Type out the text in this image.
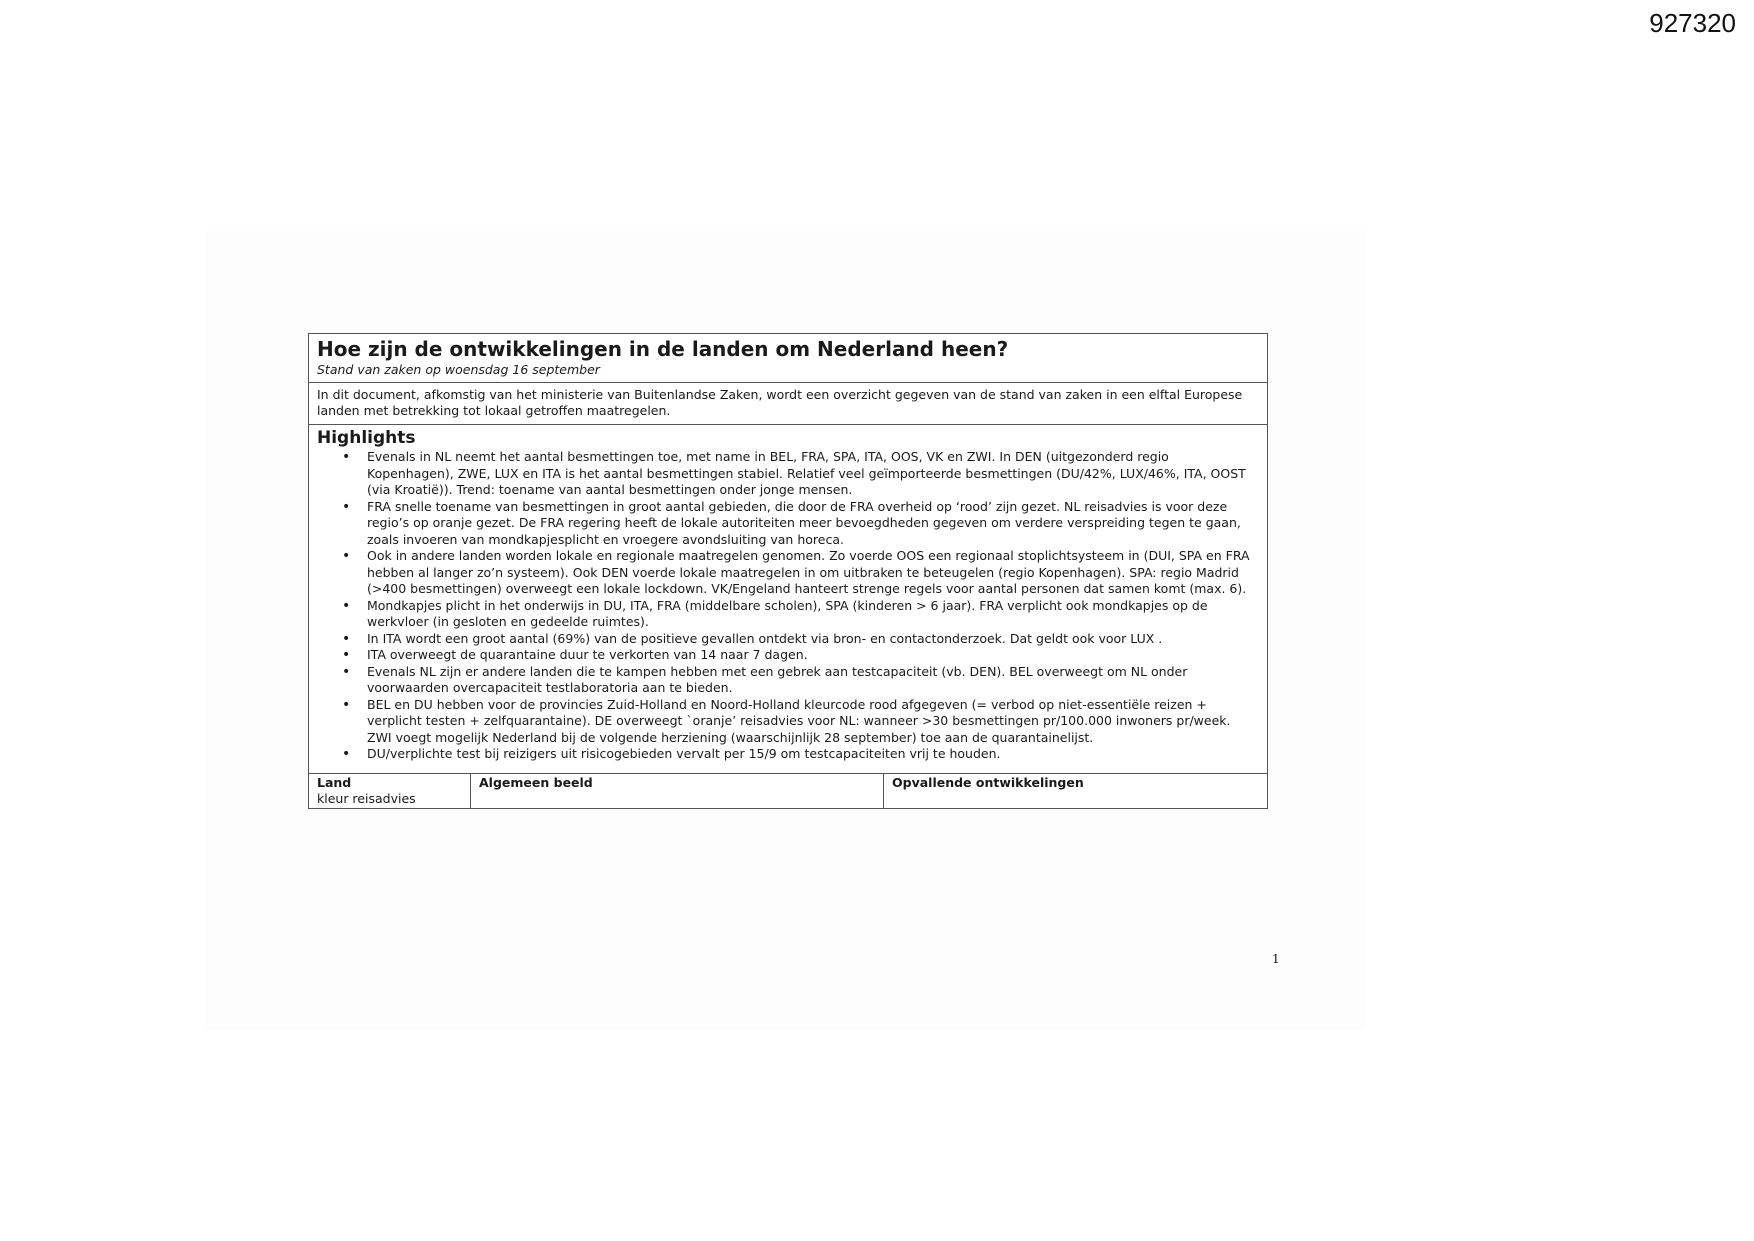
927320
Hoe zijn de ontwikkelingen in de landen om Nederland heen?

Stand van zaken op woensdag 16 september

In dit document, afkomstig van het ministerie van Buitenlandse Zaken, wordt een overzicht gegeven van de stand van zaken in een elftal Europese landen met betrekking tot lokaal getroffen maatregelen.
Highlights
• Evenals in NL neemt het aantal besmettingen toe, met name in BEL, FRA, SPA, ITA, OOS, VK en ZWI. In DEN (uitgezonderd regio Kopenhagen), ZWE, LUX en ITA is het aantal besmettingen stabiel. Relatief veel geïmporteerde besmettingen (DU/42%, LUX/46%, ITA, OOST (via Kroatië)). Trend: toename van aantal besmettingen onder jonge mensen.
• FRA snelle toename van besmettingen in groot aantal gebieden, die door de FRA overheid op ‘rood’ zijn gezet. NL reisadvies is voor deze regio’s op oranje gezet. De FRA regering heeft de lokale autoriteiten meer bevoegdheden gegeven om verdere verspreiding tegen te gaan, zoals invoeren van mondkapjesplicht en vroegere avondsluiting van horeca.
• Ook in andere landen worden lokale en regionale maatregelen genomen. Zo voerde OOS een regionaal stoplichtsysteem in (DUI, SPA en FRA hebben al langer zo’n systeem). Ook DEN voerde lokale maatregelen in om uitbraken te beteugelen (regio Kopenhagen). SPA: regio Madrid (>400 besmettingen) overweegt een lokale lockdown. VK/Engeland hanteert strenge regels voor aantal personen dat samen komt (max. 6).
• Mondkapjes plicht in het onderwijs in DU, ITA, FRA (middelbare scholen), SPA (kinderen > 6 jaar). FRA verplicht ook mondkapjes op de werkvloer (in gesloten en gedeelde ruimtes).
• In ITA wordt een groot aantal (69%) van de positieve gevallen ontdekt via bron- en contactonderzoek. Dat geldt ook voor LUX .
• ITA overweegt de quarantaine duur te verkorten van 14 naar 7 dagen.
• Evenals NL zijn er andere landen die te kampen hebben met een gebrek aan testcapaciteit (vb. DEN). BEL overweegt om NL onder voorwaarden overcapaciteit testlaboratoria aan te bieden.
• BEL en DU hebben voor de provincies Zuid-Holland en Noord-Holland kleurcode rood afgegeven (= verbod op niet-essentiële reizen + verplicht testen + zelfquarantaine). DE overweegt `oranje’ reisadvies voor NL: wanneer >30 besmettingen pr/100.000 inwoners pr/week. ZWI voegt mogelijk Nederland bij de volgende herziening (waarschijnlijk 28 september) toe aan de quarantainelijst.
• DU/verplichte test bij reizigers uit risicogebieden vervalt per 15/9 om testcapaciteiten vrij te houden.
Land
kleur reisadvies
	Algemeen beeld	Opvallende ontwikkelingen
1
